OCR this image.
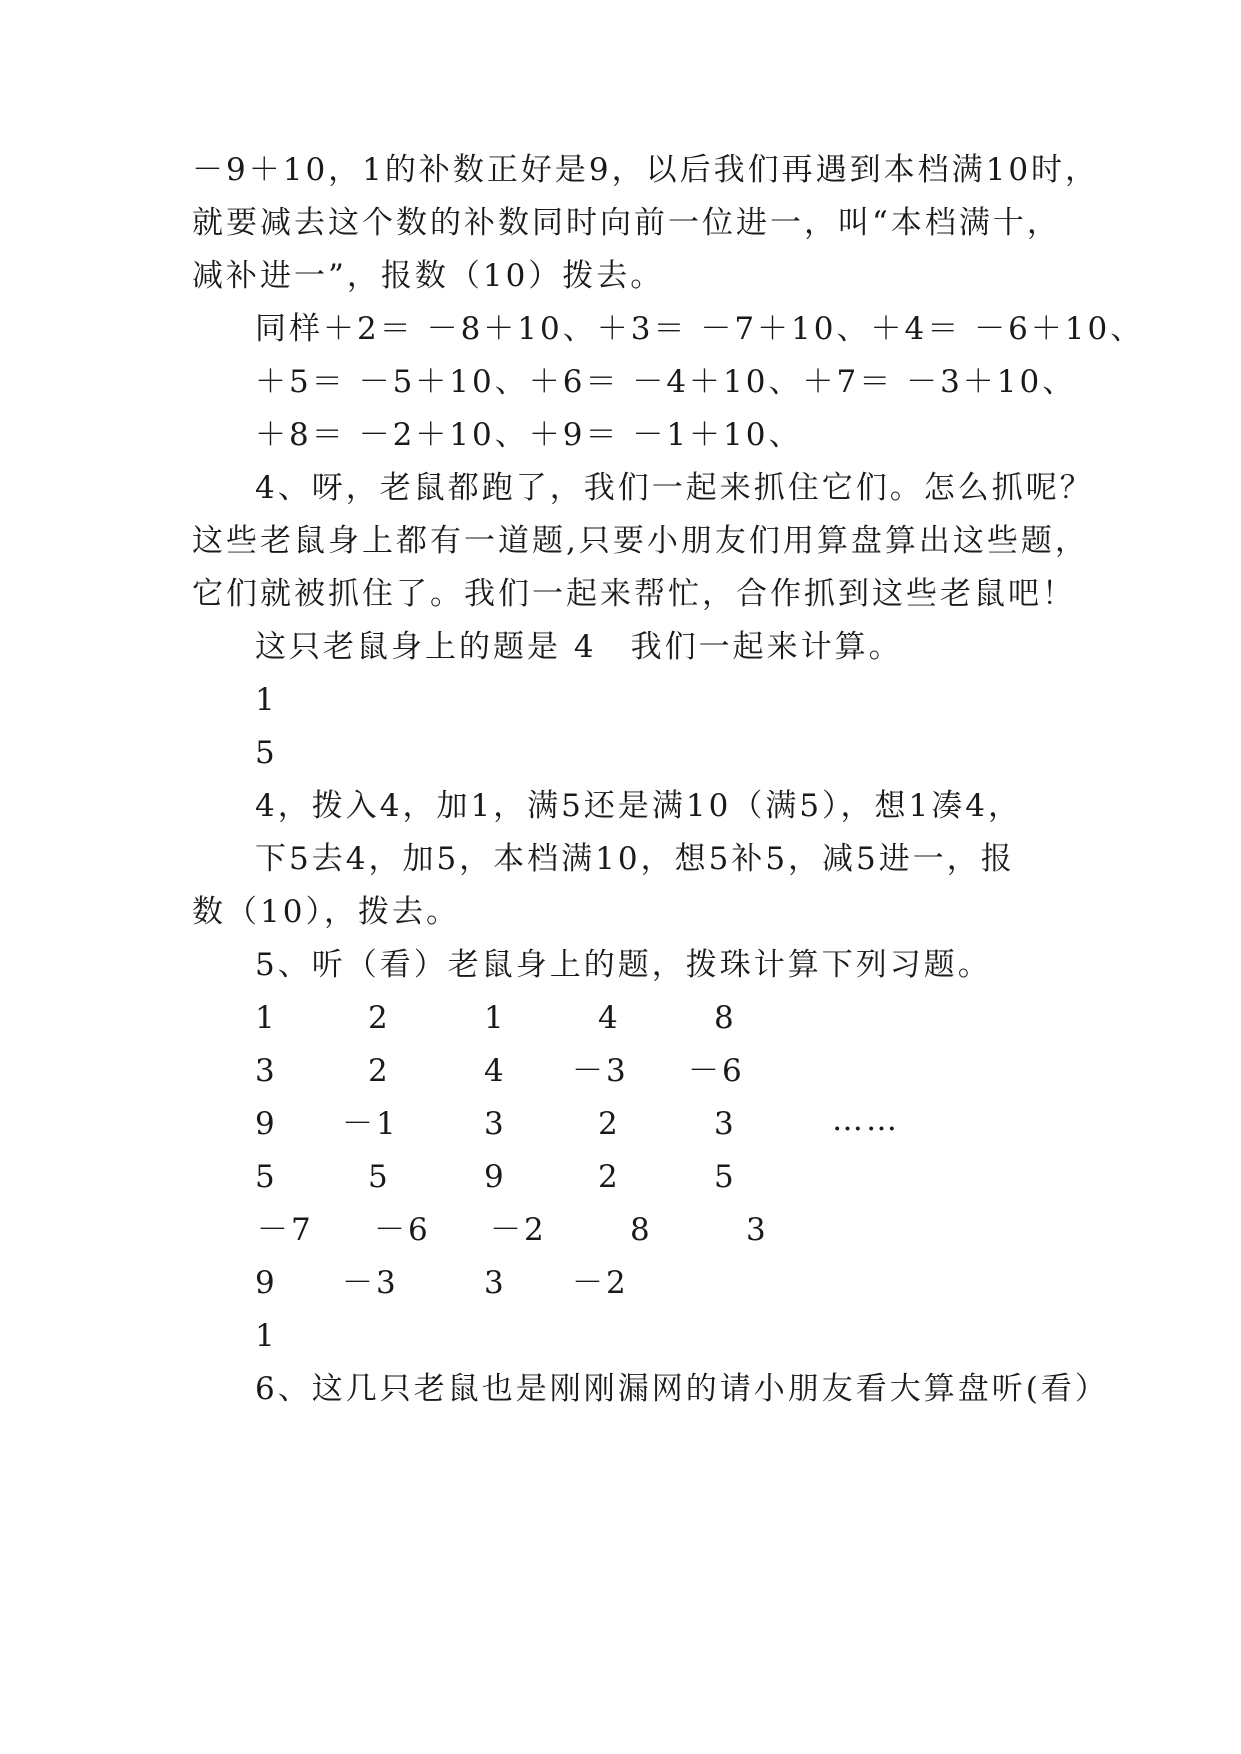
－9＋10，1的补数正好是9，以后我们再遇到本档满10时，
就要减去这个数的补数同时向前一位进一，叫“本档满十，
减补进一”，报数（10）拨去。
同样＋2＝ －8＋10、＋3＝ －7＋10、＋4＝ －6＋10、
＋5＝ －5＋10、＋6＝ －4＋10、＋7＝ －3＋10、
＋8＝ －2＋10、＋9＝ －1＋10、
4、呀，老鼠都跑了，我们一起来抓住它们。怎么抓呢？
这些老鼠身上都有一道题,只要小朋友们用算盘算出这些题，
它们就被抓住了。我们一起来帮忙，合作抓到这些老鼠吧！
这只老鼠身上的题是 4　我们一起来计算。
1
5
4，拨入4，加1，满5还是满10（满5），想1凑4，
下5去4，加5，本档满10，想5补5，减5进一，报
数（10），拨去。
5、听（看）老鼠身上的题，拨珠计算下列习题。
1	2	1	4	8
3	2	4 －3 －6
9 －1	3	2	3	……
5	5	9	2	5
－7 －6 －2	8	3
9 －3	3 －2
1
6、这几只老鼠也是刚刚漏网的请小朋友看大算盘听(看）
